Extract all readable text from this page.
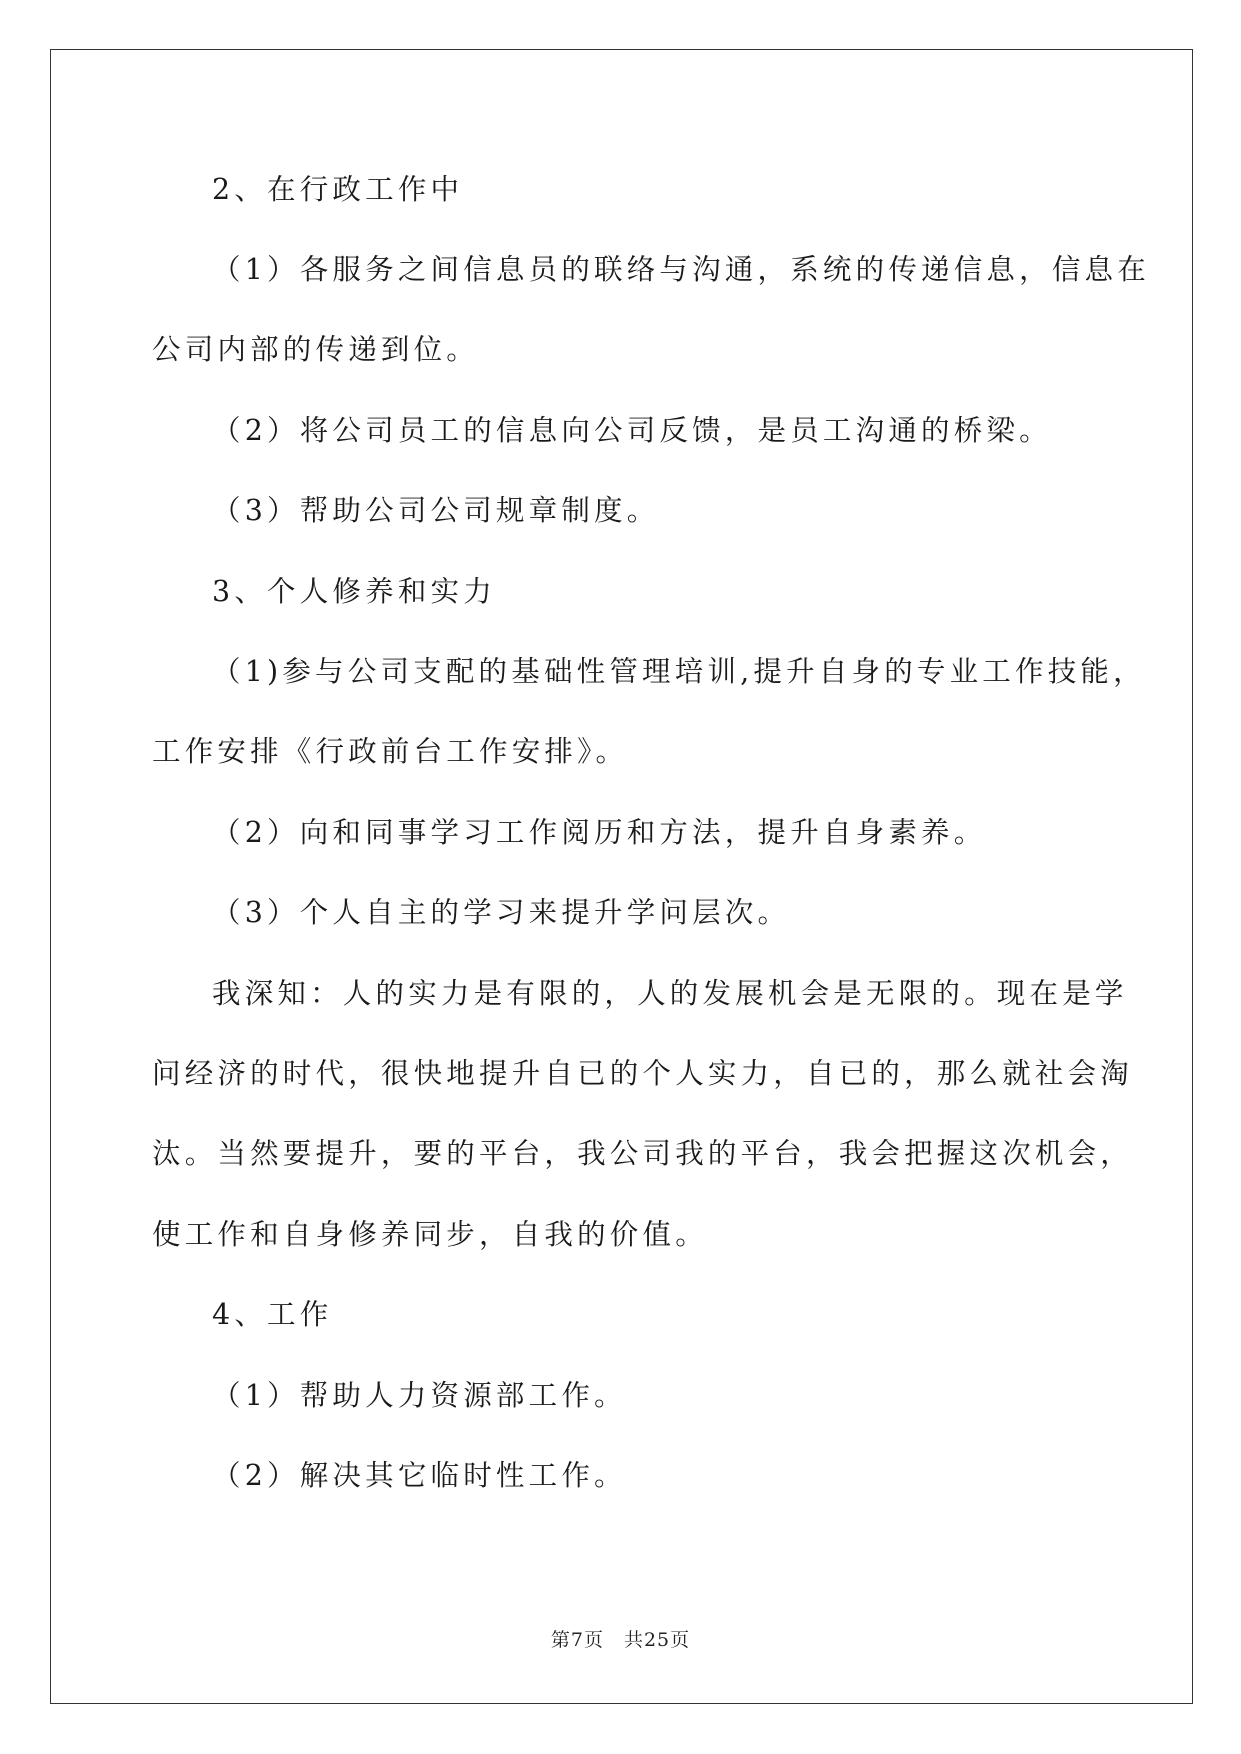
2、在行政工作中
（1）各服务之间信息员的联络与沟通，系统的传递信息，信息在
公司内部的传递到位。
（2）将公司员工的信息向公司反馈，是员工沟通的桥梁。
（3）帮助公司公司规章制度。
3、个人修养和实力
（1)参与公司支配的基础性管理培训,提升自身的专业工作技能，
工作安排《行政前台工作安排》。
（2）向和同事学习工作阅历和方法，提升自身素养。
（3）个人自主的学习来提升学问层次。
我深知：人的实力是有限的，人的发展机会是无限的。现在是学
问经济的时代，很快地提升自已的个人实力，自已的，那么就社会淘
汰。当然要提升，要的平台，我公司我的平台，我会把握这次机会，
使工作和自身修养同步，自我的价值。
4、工作
（1）帮助人力资源部工作。
（2）解决其它临时性工作。
第7页　共25页
